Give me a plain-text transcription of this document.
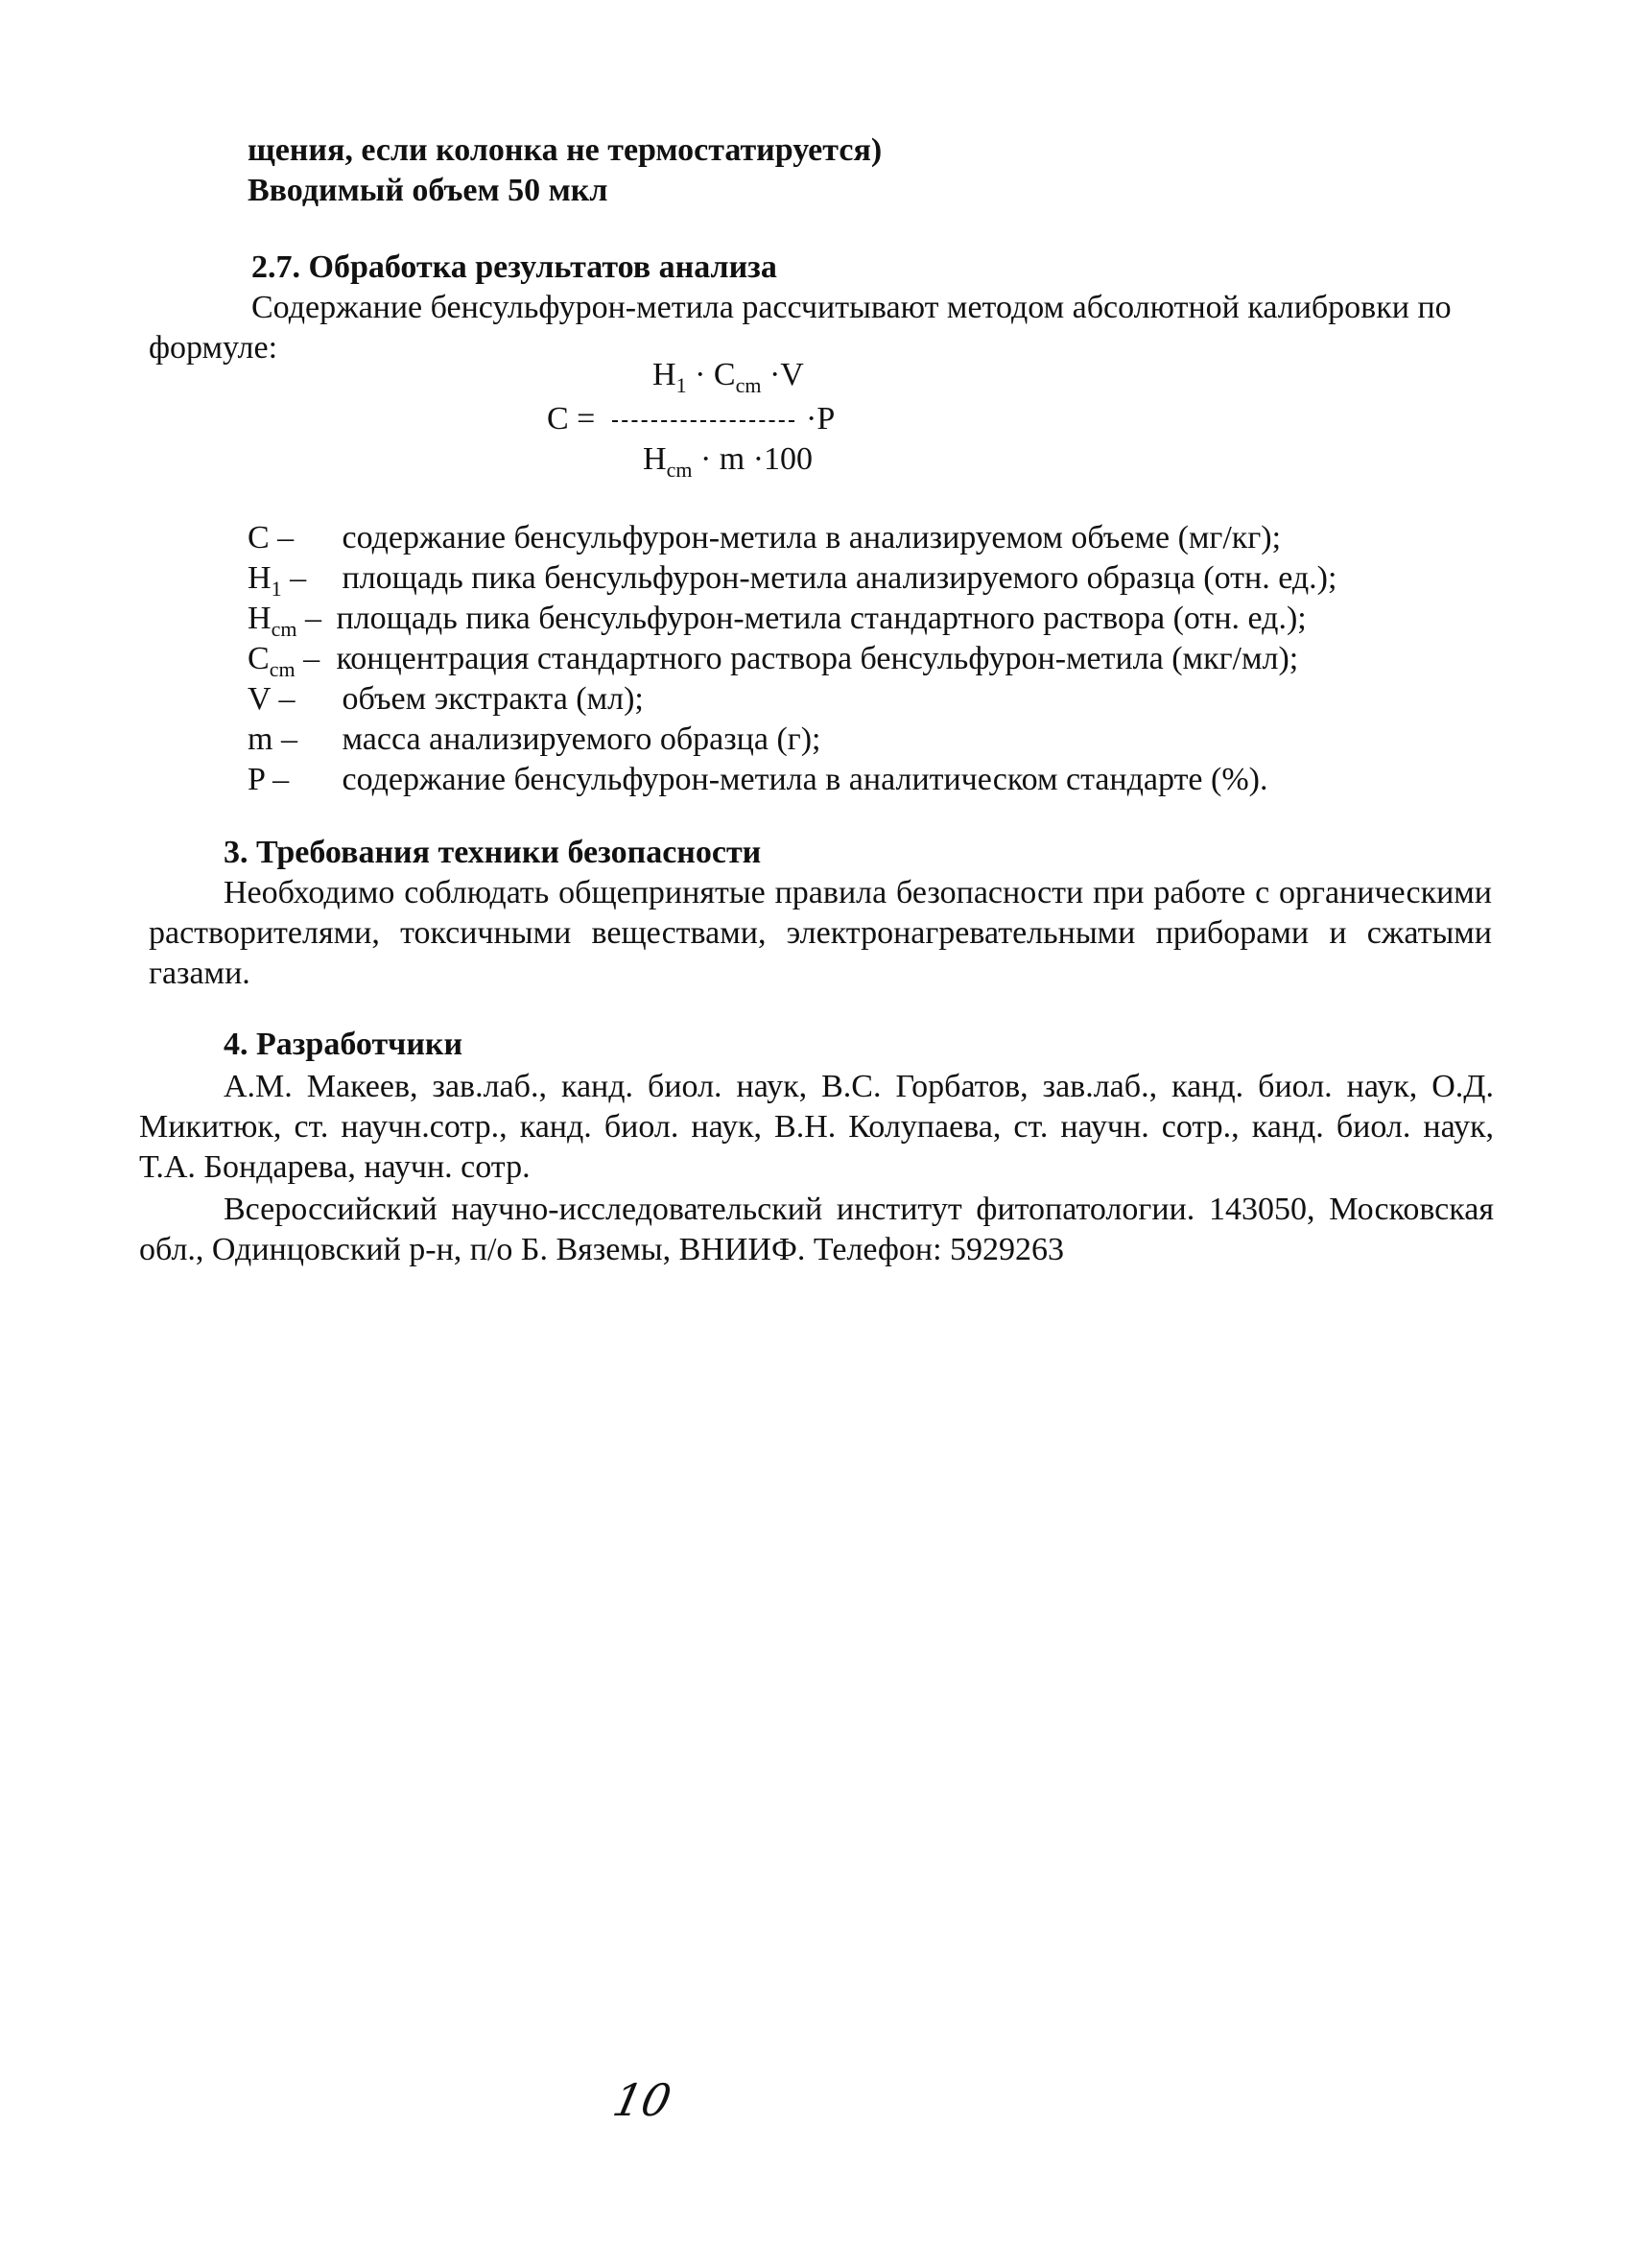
щения, если колонка не термостатируется)
Вводимый объем 50 мкл
2.7. Обработка результатов анализа
Содержание бенсульфурон-метила рассчитывают методом абсолютной калибровки по
формуле:
$H_1 \cdot C_{cm} \cdot V$
С =	·P
$H_{cm} \cdot m \cdot 100$
С – содержание бенсульфурон-метила в анализируемом объеме (мг/кг);
$H_1$ – площадь пика бенсульфурон-метила анализируемого образца (отн. ед.);
$H_{cm}$ – площадь пика бенсульфурон-метила стандартного раствора (отн. ед.);
$C_{cm}$ – концентрация стандартного раствора бенсульфурон-метила (мкг/мл);
V – объем экстракта (мл);
m – масса анализируемого образца (г);
P – содержание бенсульфурон-метила в аналитическом стандарте (%).
3. Требования техники безопасности
Необходимо соблюдать общепринятые правила безопасности при работе с органическими растворителями, токсичными веществами, электронагревательными приборами и сжатыми газами.
4. Разработчики
А.М. Макеев, зав.лаб., канд. биол. наук, В.С. Горбатов, зав.лаб., канд. биол. наук, О.Д. Микитюк, ст. научн.сотр., канд. биол. наук, В.Н. Колупаева, ст. научн. сотр., канд. биол. наук, Т.А. Бондарева, научн. сотр.
Всероссийский научно-исследовательский институт фитопатологии. 143050, Московская обл., Одинцовский р-н, п/о Б. Вяземы, ВНИИФ. Телефон: 5929263
10
